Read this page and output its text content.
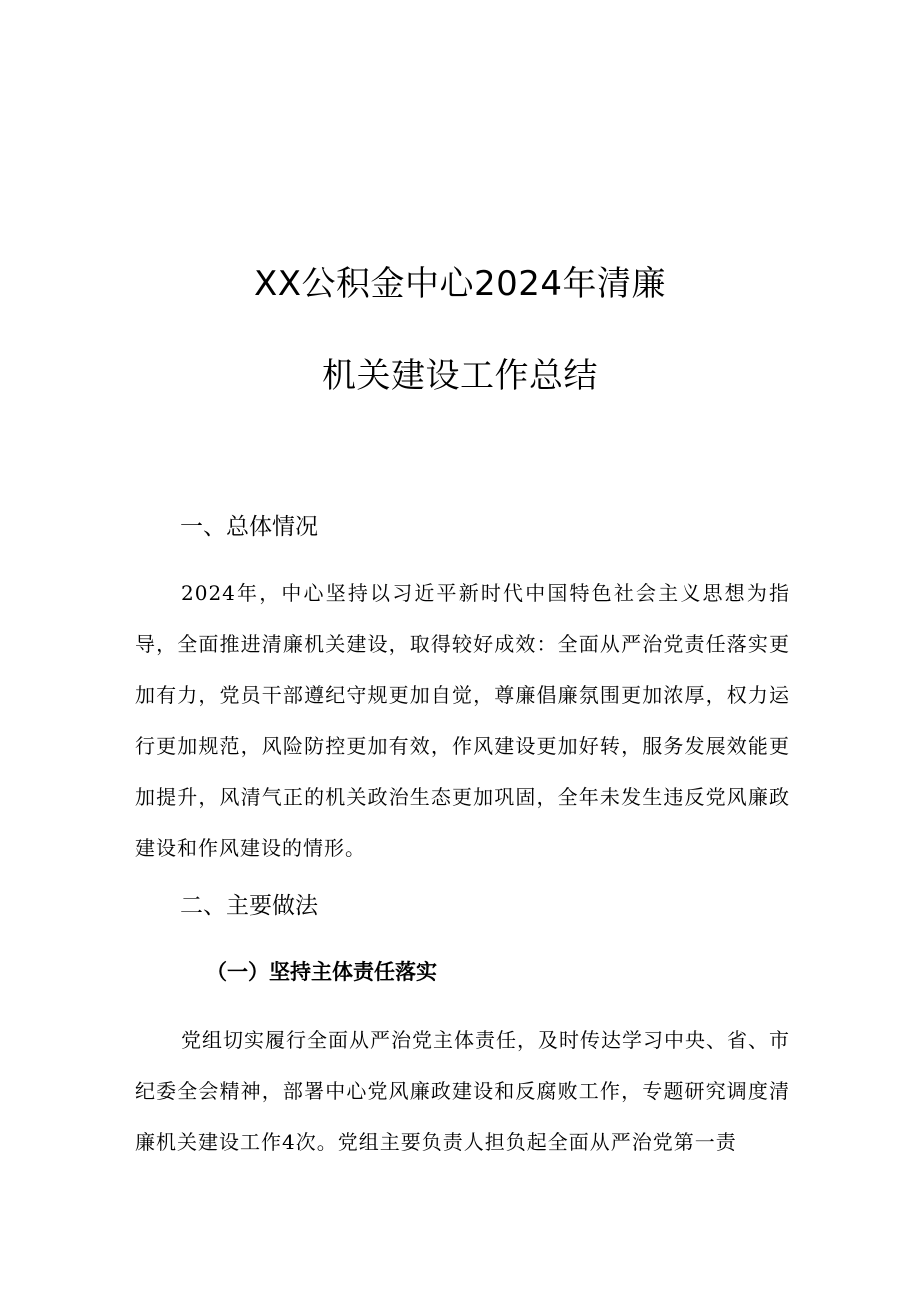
XX公积金中心2024年清廉
机关建设工作总结
一、总体情况

2024年，中心坚持以习近平新时代中国特色社会主义思想为指导，全面推进清廉机关建设，取得较好成效：全面从严治党责任落实更加有力，党员干部遵纪守规更加自觉，尊廉倡廉氛围更加浓厚，权力运行更加规范，风险防控更加有效，作风建设更加好转，服务发展效能更加提升，风清气正的机关政治生态更加巩固，全年未发生违反党风廉政建设和作风建设的情形。

二、主要做法
（一）坚持主体责任落实

党组切实履行全面从严治党主体责任，及时传达学习中央、省、市纪委全会精神，部署中心党风廉政建设和反腐败工作，专题研究调度清廉机关建设工作4次。党组主要负责人担负起全面从严治党第一责
